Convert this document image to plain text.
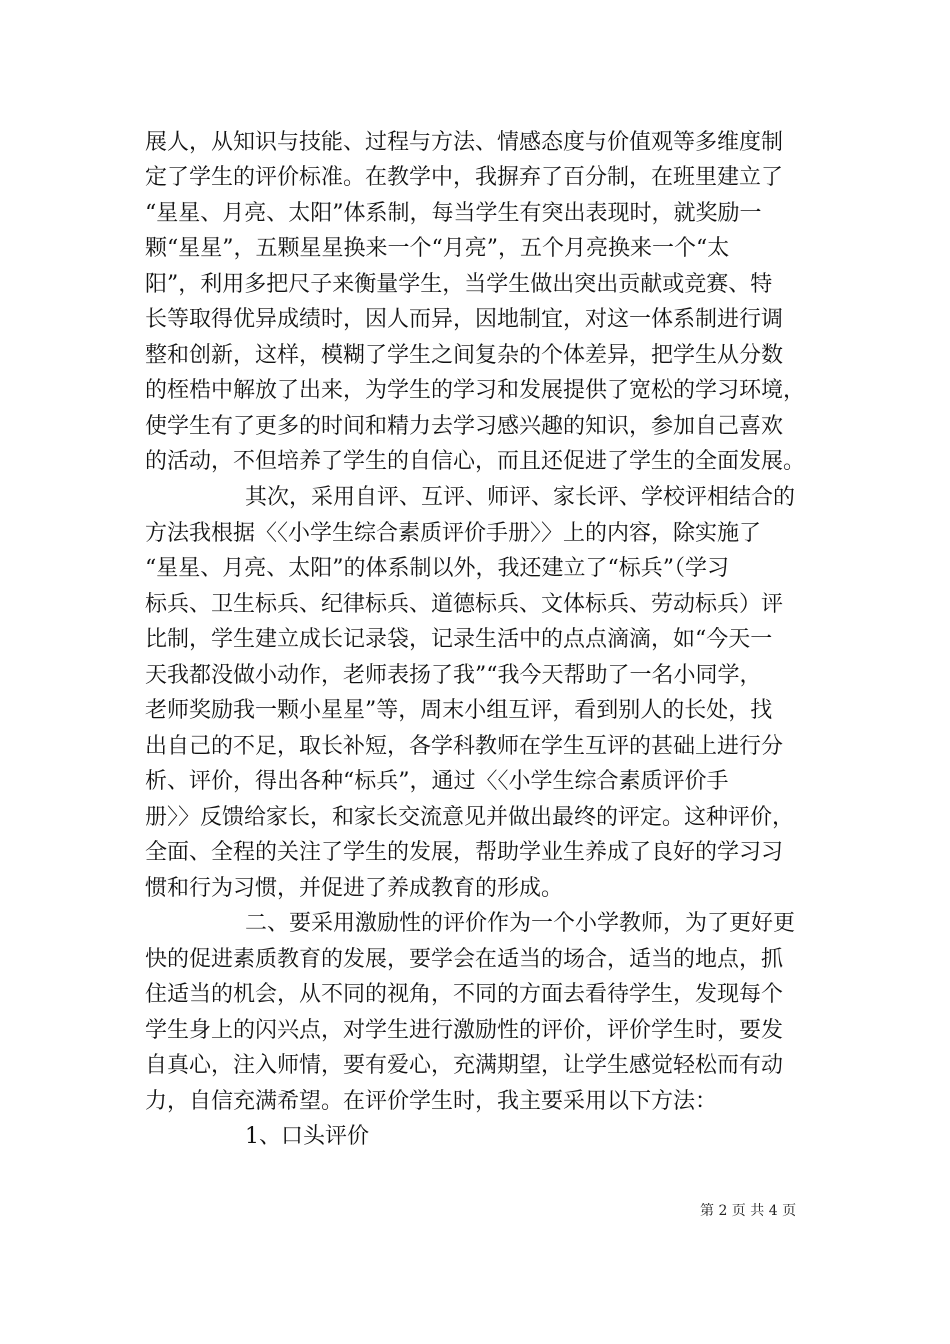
展人，从知识与技能、过程与方法、情感态度与价值观等多维度制
定了学生的评价标准。在教学中，我摒弃了百分制，在班里建立了
“星星、月亮、太阳”体系制，每当学生有突出表现时，就奖励一
颗“星星”，五颗星星换来一个“月亮”，五个月亮换来一个“太
阳”，利用多把尺子来衡量学生，当学生做出突出贡献或竞赛、特
长等取得优异成绩时，因人而异，因地制宜，对这一体系制进行调
整和创新，这样，模糊了学生之间复杂的个体差异，把学生从分数
的桎梏中解放了出来，为学生的学习和发展提供了宽松的学习环境，
使学生有了更多的时间和精力去学习感兴趣的知识，参加自己喜欢
的活动，不但培养了学生的自信心，而且还促进了学生的全面发展。
其次，采用自评、互评、师评、家长评、学校评相结合的
方法我根据〈〈小学生综合素质评价手册〉〉上的内容，除实施了
“星星、月亮、太阳”的体系制以外，我还建立了“标兵”（学习
标兵、卫生标兵、纪律标兵、道德标兵、文体标兵、劳动标兵）评
比制，学生建立成长记录袋，记录生活中的点点滴滴，如“今天一
天我都没做小动作，老师表扬了我”“我今天帮助了一名小同学，
老师奖励我一颗小星星”等，周末小组互评，看到别人的长处，找
出自己的不足，取长补短，各学科教师在学生互评的甚础上进行分
析、评价，得出各种“标兵”，通过〈〈小学生综合素质评价手
册〉〉反馈给家长，和家长交流意见并做出最终的评定。这种评价，
全面、全程的关注了学生的发展，帮助学业生养成了良好的学习习
惯和行为习惯，并促进了养成教育的形成。
二、要采用激励性的评价作为一个小学教师，为了更好更
快的促进素质教育的发展，要学会在适当的场合，适当的地点，抓
住适当的机会，从不同的视角，不同的方面去看待学生，发现每个
学生身上的闪兴点，对学生进行激励性的评价，评价学生时，要发
自真心，注入师情，要有爱心，充满期望，让学生感觉轻松而有动
力，自信充满希望。在评价学生时，我主要采用以下方法：
1、口头评价
第 2 页 共 4 页
